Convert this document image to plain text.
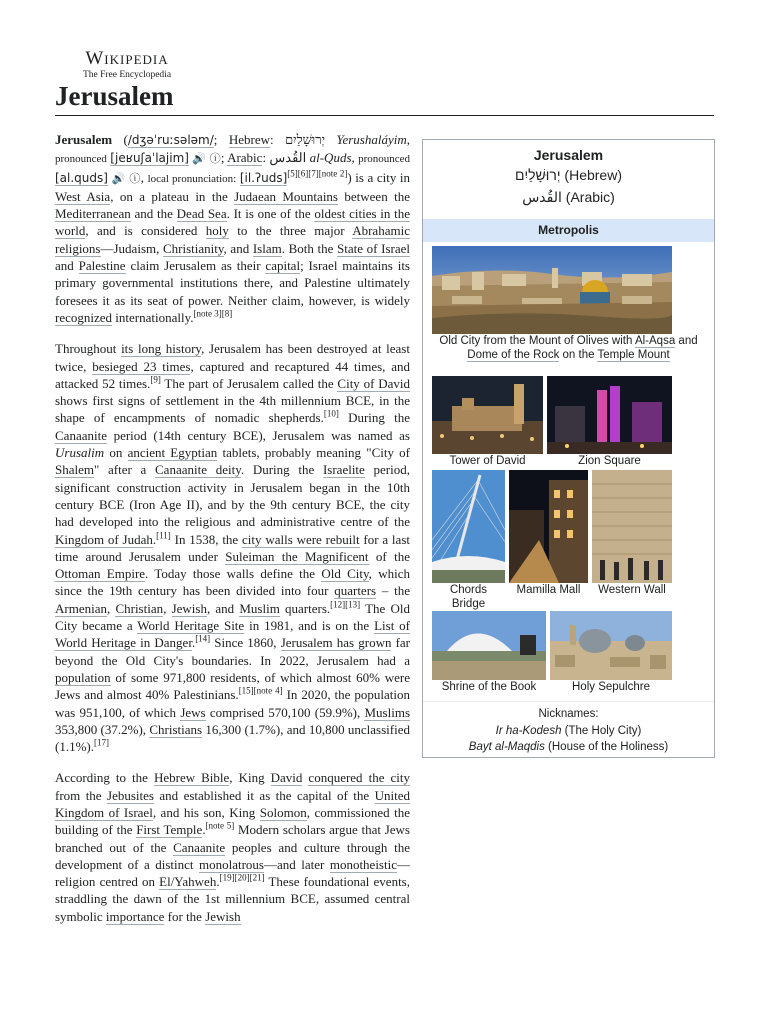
Wikipedia
The Free Encyclopedia
Jerusalem

Jerusalem (/dʒəˈruːsələm/; Hebrew: יְרוּשָׁלַיִם Yerushaláyim, pronounced [jeʁuʃaˈlajim] 🔊 ⓘ; Arabic: القُدس al-Quds, pronounced [al.quds] 🔊 ⓘ, local pronunciation: [il.ʔuds][5][6][7][note 2]) is a city in West Asia, on a plateau in the Judaean Mountains between the Mediterranean and the Dead Sea. It is one of the oldest cities in the world, and is considered holy to the three major Abrahamic religions—Judaism, Christianity, and Islam. Both the State of Israel and Palestine claim Jerusalem as their capital; Israel maintains its primary governmental institutions there, and Palestine ultimately foresees it as its seat of power. Neither claim, however, is widely recognized internationally.[note 3][8]

Throughout its long history, Jerusalem has been destroyed at least twice, besieged 23 times, captured and recaptured 44 times, and attacked 52 times.[9] The part of Jerusalem called the City of David shows first signs of settlement in the 4th millennium BCE, in the shape of encampments of nomadic shepherds.[10] During the Canaanite period (14th century BCE), Jerusalem was named as Urusalim on ancient Egyptian tablets, probably meaning "City of Shalem" after a Canaanite deity. During the Israelite period, significant construction activity in Jerusalem began in the 10th century BCE (Iron Age II), and by the 9th century BCE, the city had developed into the religious and administrative centre of the Kingdom of Judah.[11] In 1538, the city walls were rebuilt for a last time around Jerusalem under Suleiman the Magnificent of the Ottoman Empire. Today those walls define the Old City, which since the 19th century has been divided into four quarters – the Armenian, Christian, Jewish, and Muslim quarters.[12][13] The Old City became a World Heritage Site in 1981, and is on the List of World Heritage in Danger.[14] Since 1860, Jerusalem has grown far beyond the Old City's boundaries. In 2022, Jerusalem had a population of some 971,800 residents, of which almost 60% were Jews and almost 40% Palestinians.[15][note 4] In 2020, the population was 951,100, of which Jews comprised 570,100 (59.9%), Muslims 353,800 (37.2%), Christians 16,300 (1.7%), and 10,800 unclassified (1.1%).[17]

According to the Hebrew Bible, King David conquered the city from the Jebusites and established it as the capital of the United Kingdom of Israel, and his son, King Solomon, commissioned the building of the First Temple.[note 5] Modern scholars argue that Jews branched out of the Canaanite peoples and culture through the development of a distinct monolatrous—and later monotheistic—religion centred on El/Yahweh.[19][20][21] These foundational events, straddling the dawn of the 1st millennium BCE, assumed central symbolic importance for the Jewish

Jerusalem
יְרוּשָׁלַיִם (Hebrew)
القُدس (Arabic)
Metropolis
Old City from the Mount of Olives with Al-Aqsa and Dome of the Rock on the Temple Mount
Tower of David	Zion Square
Chords Bridge
Mamilla Mall	Western Wall
Shrine of the Book	Holy Sepulchre
Nicknames:
Ir ha-Kodesh (The Holy City)
Bayt al-Maqdis (House of the Holiness)
